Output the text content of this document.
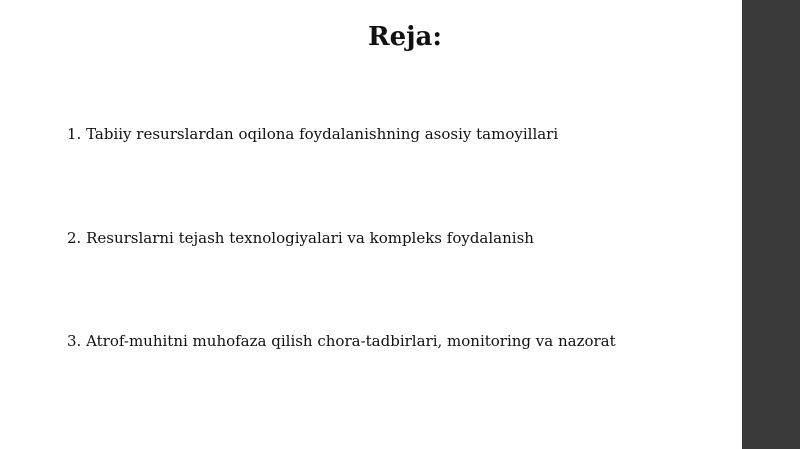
Reja:
1. Tabiiy resurslardan oqilona foydalanishning asosiy tamoyillari
2. Resurslarni tejash texnologiyalari va kompleks foydalanish
3. Atrof-muhitni muhofaza qilish chora-tadbirlari, monitoring va nazorat
